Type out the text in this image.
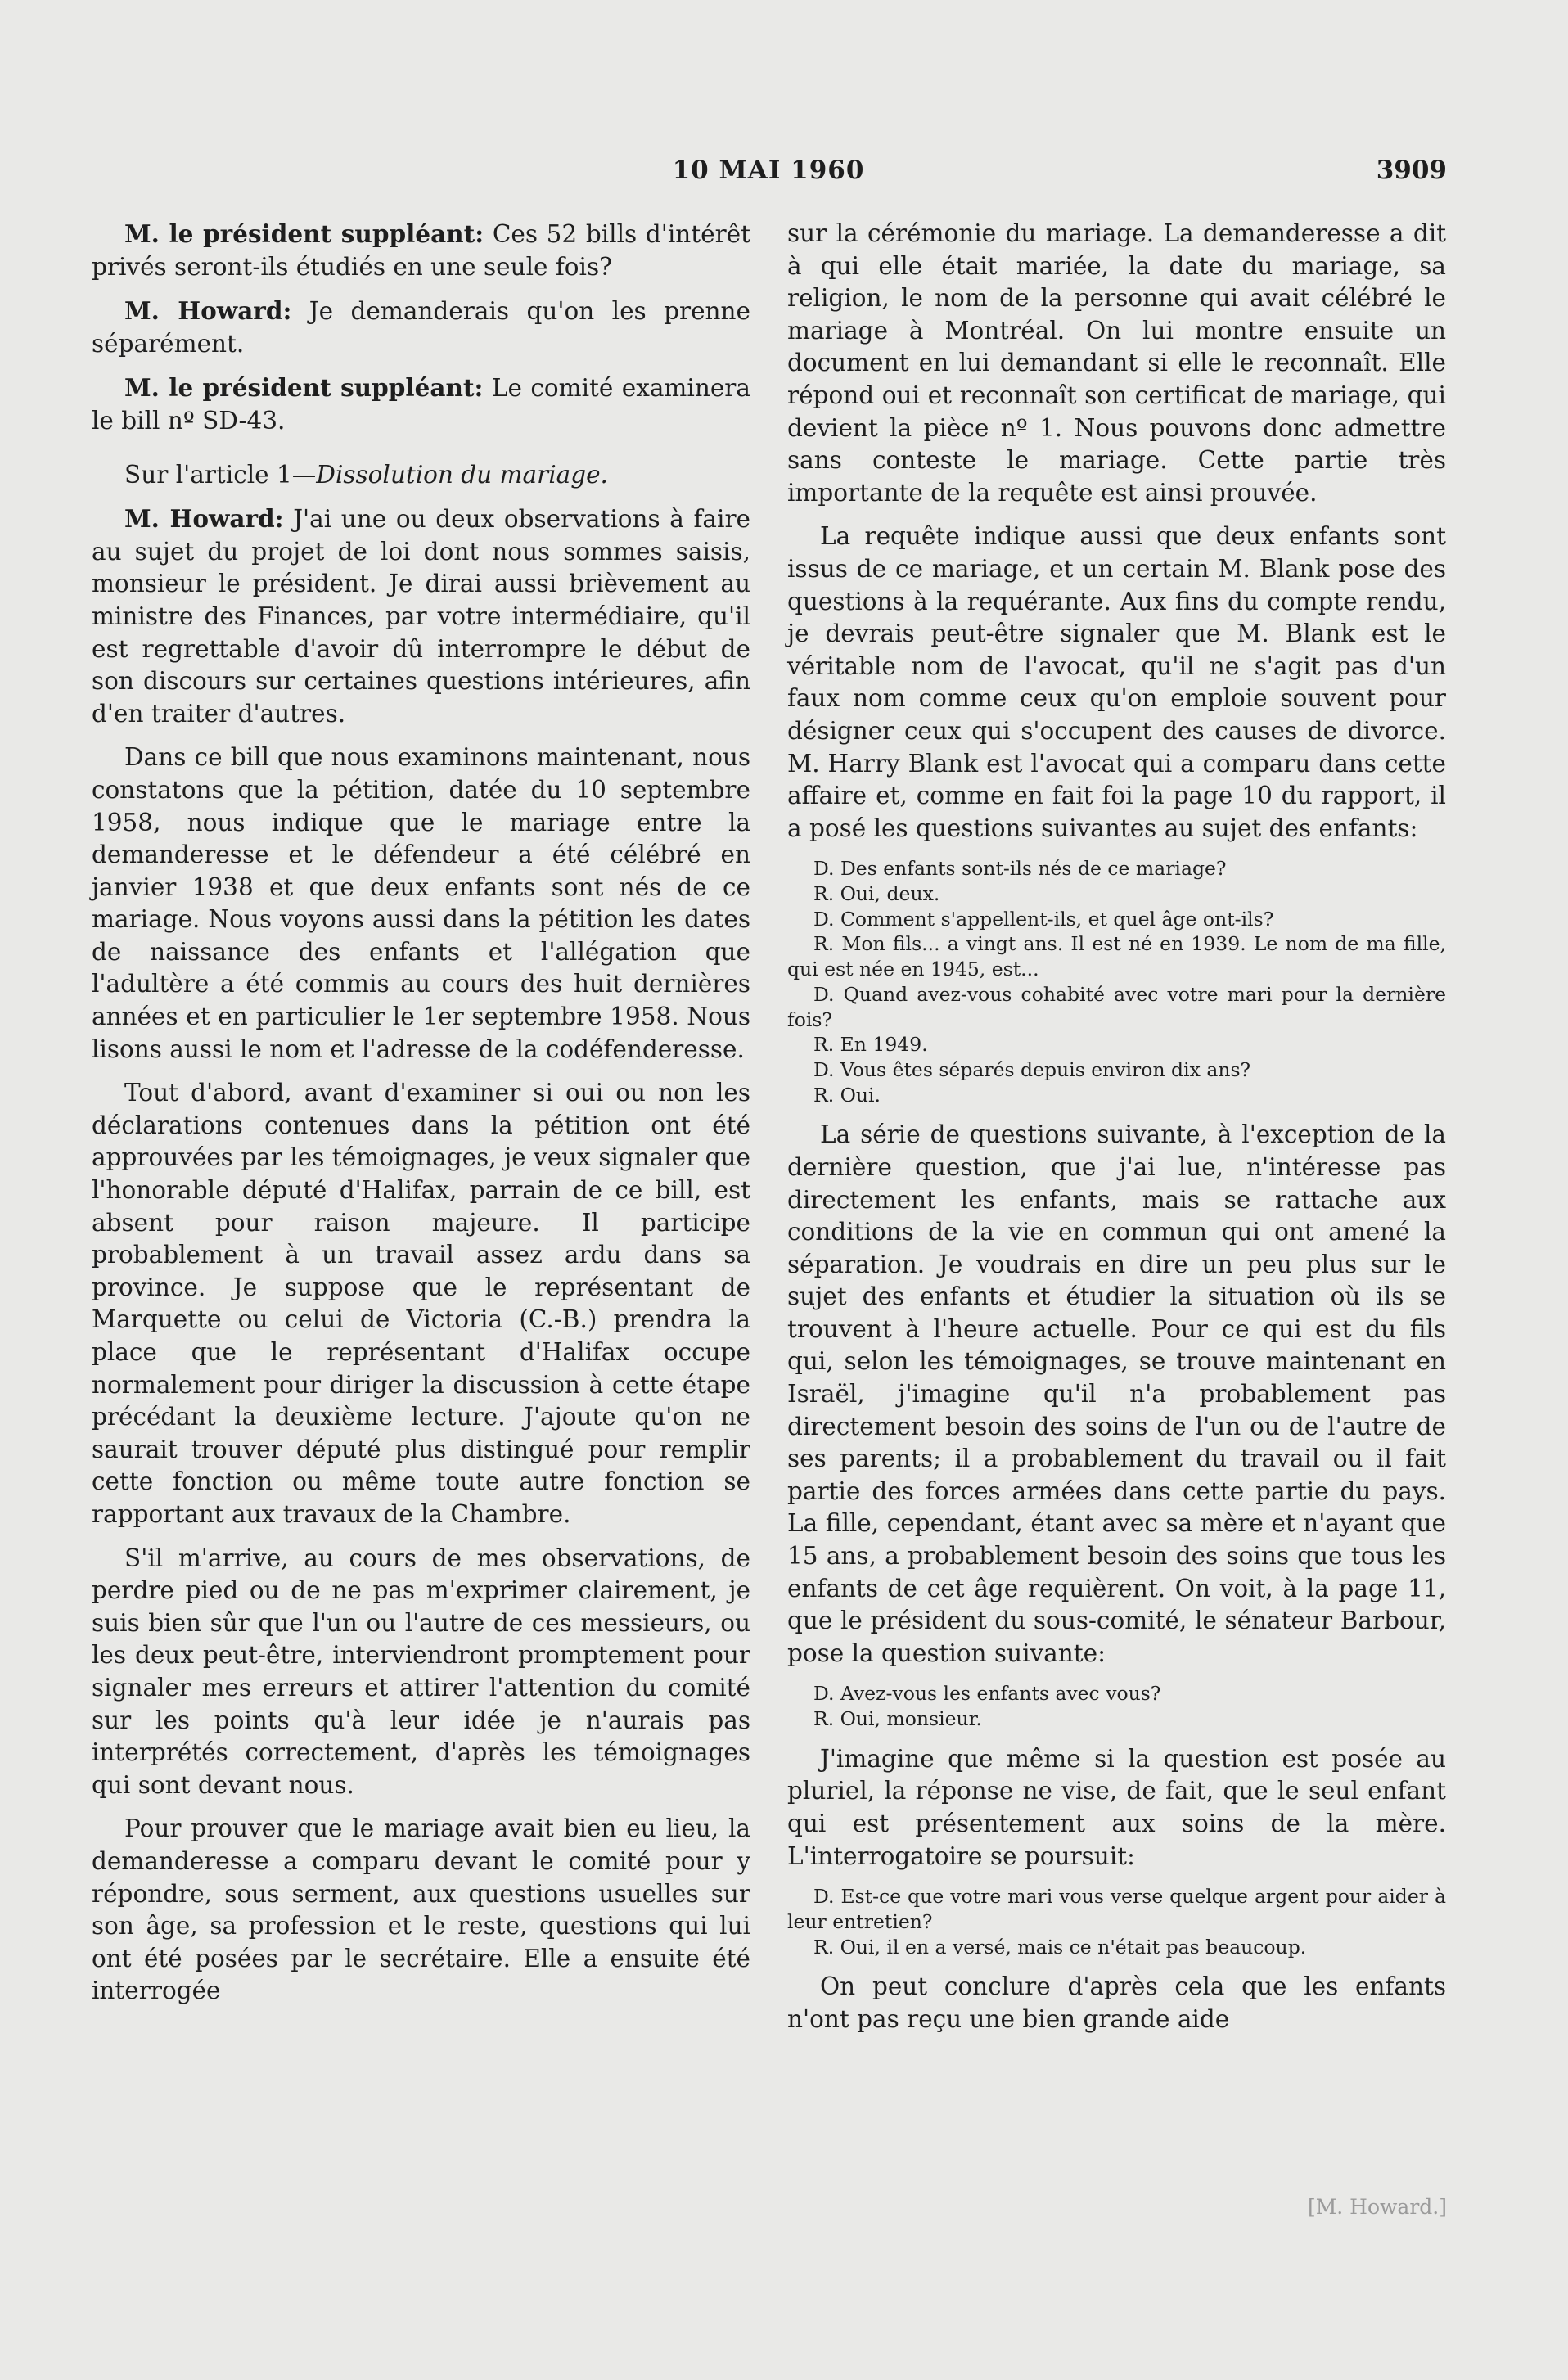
10 MAI 1960	3909

M. le président suppléant: Ces 52 bills d'intérêt privés seront-ils étudiés en une seule fois?

M. Howard: Je demanderais qu'on les prenne séparément.

M. le président suppléant: Le comité examinera le bill nº SD-43.

Sur l'article 1—Dissolution du mariage.

M. Howard: J'ai une ou deux observations à faire au sujet du projet de loi dont nous sommes saisis, monsieur le président. Je dirai aussi brièvement au ministre des Finances, par votre intermédiaire, qu'il est regrettable d'avoir dû interrompre le début de son discours sur certaines questions intérieures, afin d'en traiter d'autres.

Dans ce bill que nous examinons maintenant, nous constatons que la pétition, datée du 10 septembre 1958, nous indique que le mariage entre la demanderesse et le défendeur a été célébré en janvier 1938 et que deux enfants sont nés de ce mariage. Nous voyons aussi dans la pétition les dates de naissance des enfants et l'allégation que l'adultère a été commis au cours des huit dernières années et en particulier le 1er septembre 1958. Nous lisons aussi le nom et l'adresse de la codéfenderesse.

Tout d'abord, avant d'examiner si oui ou non les déclarations contenues dans la pétition ont été approuvées par les témoignages, je veux signaler que l'honorable député d'Halifax, parrain de ce bill, est absent pour raison majeure. Il participe probablement à un travail assez ardu dans sa province. Je suppose que le représentant de Marquette ou celui de Victoria (C.-B.) prendra la place que le représentant d'Halifax occupe normalement pour diriger la discussion à cette étape précédant la deuxième lecture. J'ajoute qu'on ne saurait trouver député plus distingué pour remplir cette fonction ou même toute autre fonction se rapportant aux travaux de la Chambre.

S'il m'arrive, au cours de mes observations, de perdre pied ou de ne pas m'exprimer clairement, je suis bien sûr que l'un ou l'autre de ces messieurs, ou les deux peut-être, interviendront promptement pour signaler mes erreurs et attirer l'attention du comité sur les points qu'à leur idée je n'aurais pas interprétés correctement, d'après les témoignages qui sont devant nous.

Pour prouver que le mariage avait bien eu lieu, la demanderesse a comparu devant le comité pour y répondre, sous serment, aux questions usuelles sur son âge, sa profession et le reste, questions qui lui ont été posées par le secrétaire. Elle a ensuite été interrogée

sur la cérémonie du mariage. La demanderesse a dit à qui elle était mariée, la date du mariage, sa religion, le nom de la personne qui avait célébré le mariage à Montréal. On lui montre ensuite un document en lui demandant si elle le reconnaît. Elle répond oui et reconnaît son certificat de mariage, qui devient la pièce nº 1. Nous pouvons donc admettre sans conteste le mariage. Cette partie très importante de la requête est ainsi prouvée.

La requête indique aussi que deux enfants sont issus de ce mariage, et un certain M. Blank pose des questions à la requérante. Aux fins du compte rendu, je devrais peut-être signaler que M. Blank est le véritable nom de l'avocat, qu'il ne s'agit pas d'un faux nom comme ceux qu'on emploie souvent pour désigner ceux qui s'occupent des causes de divorce. M. Harry Blank est l'avocat qui a comparu dans cette affaire et, comme en fait foi la page 10 du rapport, il a posé les questions suivantes au sujet des enfants:

D. Des enfants sont-ils nés de ce mariage?
R. Oui, deux.
D. Comment s'appellent-ils, et quel âge ont-ils?
R. Mon fils... a vingt ans. Il est né en 1939. Le nom de ma fille, qui est née en 1945, est...
D. Quand avez-vous cohabité avec votre mari pour la dernière fois?
R. En 1949.
D. Vous êtes séparés depuis environ dix ans?
R. Oui.

La série de questions suivante, à l'exception de la dernière question, que j'ai lue, n'intéresse pas directement les enfants, mais se rattache aux conditions de la vie en commun qui ont amené la séparation. Je voudrais en dire un peu plus sur le sujet des enfants et étudier la situation où ils se trouvent à l'heure actuelle. Pour ce qui est du fils qui, selon les témoignages, se trouve maintenant en Israël, j'imagine qu'il n'a probablement pas directement besoin des soins de l'un ou de l'autre de ses parents; il a probablement du travail ou il fait partie des forces armées dans cette partie du pays. La fille, cependant, étant avec sa mère et n'ayant que 15 ans, a probablement besoin des soins que tous les enfants de cet âge requièrent. On voit, à la page 11, que le président du sous-comité, le sénateur Barbour, pose la question suivante:

D. Avez-vous les enfants avec vous?
R. Oui, monsieur.

J'imagine que même si la question est posée au pluriel, la réponse ne vise, de fait, que le seul enfant qui est présentement aux soins de la mère. L'interrogatoire se poursuit:

D. Est-ce que votre mari vous verse quelque argent pour aider à leur entretien?
R. Oui, il en a versé, mais ce n'était pas beaucoup.

On peut conclure d'après cela que les enfants n'ont pas reçu une bien grande aide

[M. Howard.]
